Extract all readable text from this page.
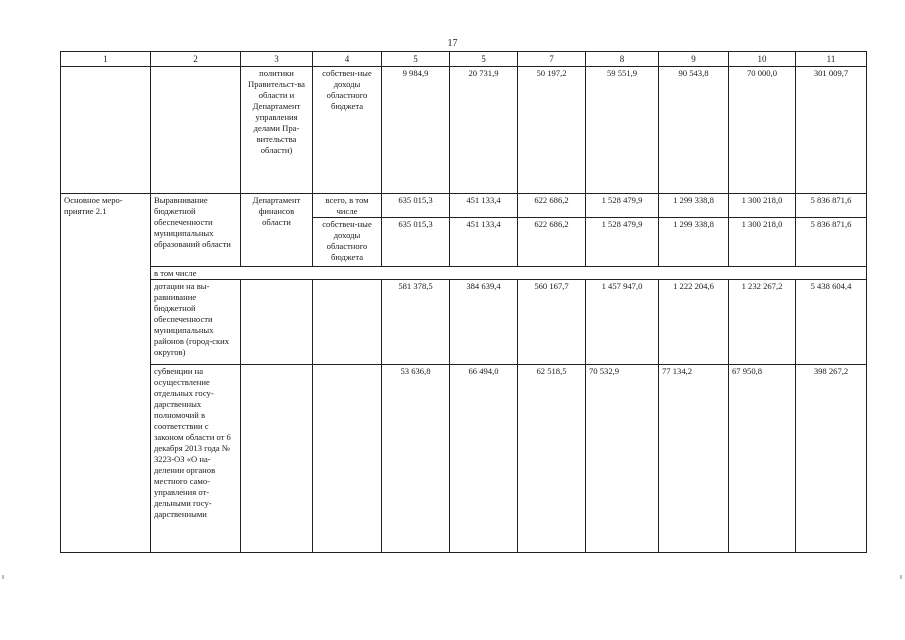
17
1	2	3	4	5	5	7	8	9	10	11
		политики Правительст-ва области и Департамент управления делами Пра-вительства области)	собствен-ные доходы областного бюджета	9 984,9	20 731,9	50 197,2	59 551,9	90 543,8	70 000,0	301 009,7
Основное меро-приятие 2.1	Выравнивание бюджетной обеспеченности муниципальных образований области	Департамент финансов области	всего, в том числе	635 015,3	451 133,4	622 686,2	1 528 479,9	1 299 338,8	1 300 218,0	5 836 871,6
			собствен-ные доходы областного бюджета	635 015,3	451 133,4	622 686,2	1 528 479,9	1 299 338,8	1 300 218,0	5 836 871,6
	в том числе									
	дотации на вы-равнивание бюджетной обеспеченности муниципальных районов (город-ских округов)			581 378,5	384 639,4	560 167,7	1 457 947,0	1 222 204,6	1 232 267,2	5 438 604,4
	субвенции на осуществление отдельных госу-дарственных полномочий в соответствии с законом области от 6 декабря 2013 года № 3223-ОЗ «О на-делении органов местного само-управления от-дельными госу-дарственными			53 636,8	66 494,0	62 518,5	70 532,9	77 134,2	67 950,8	398 267,2
